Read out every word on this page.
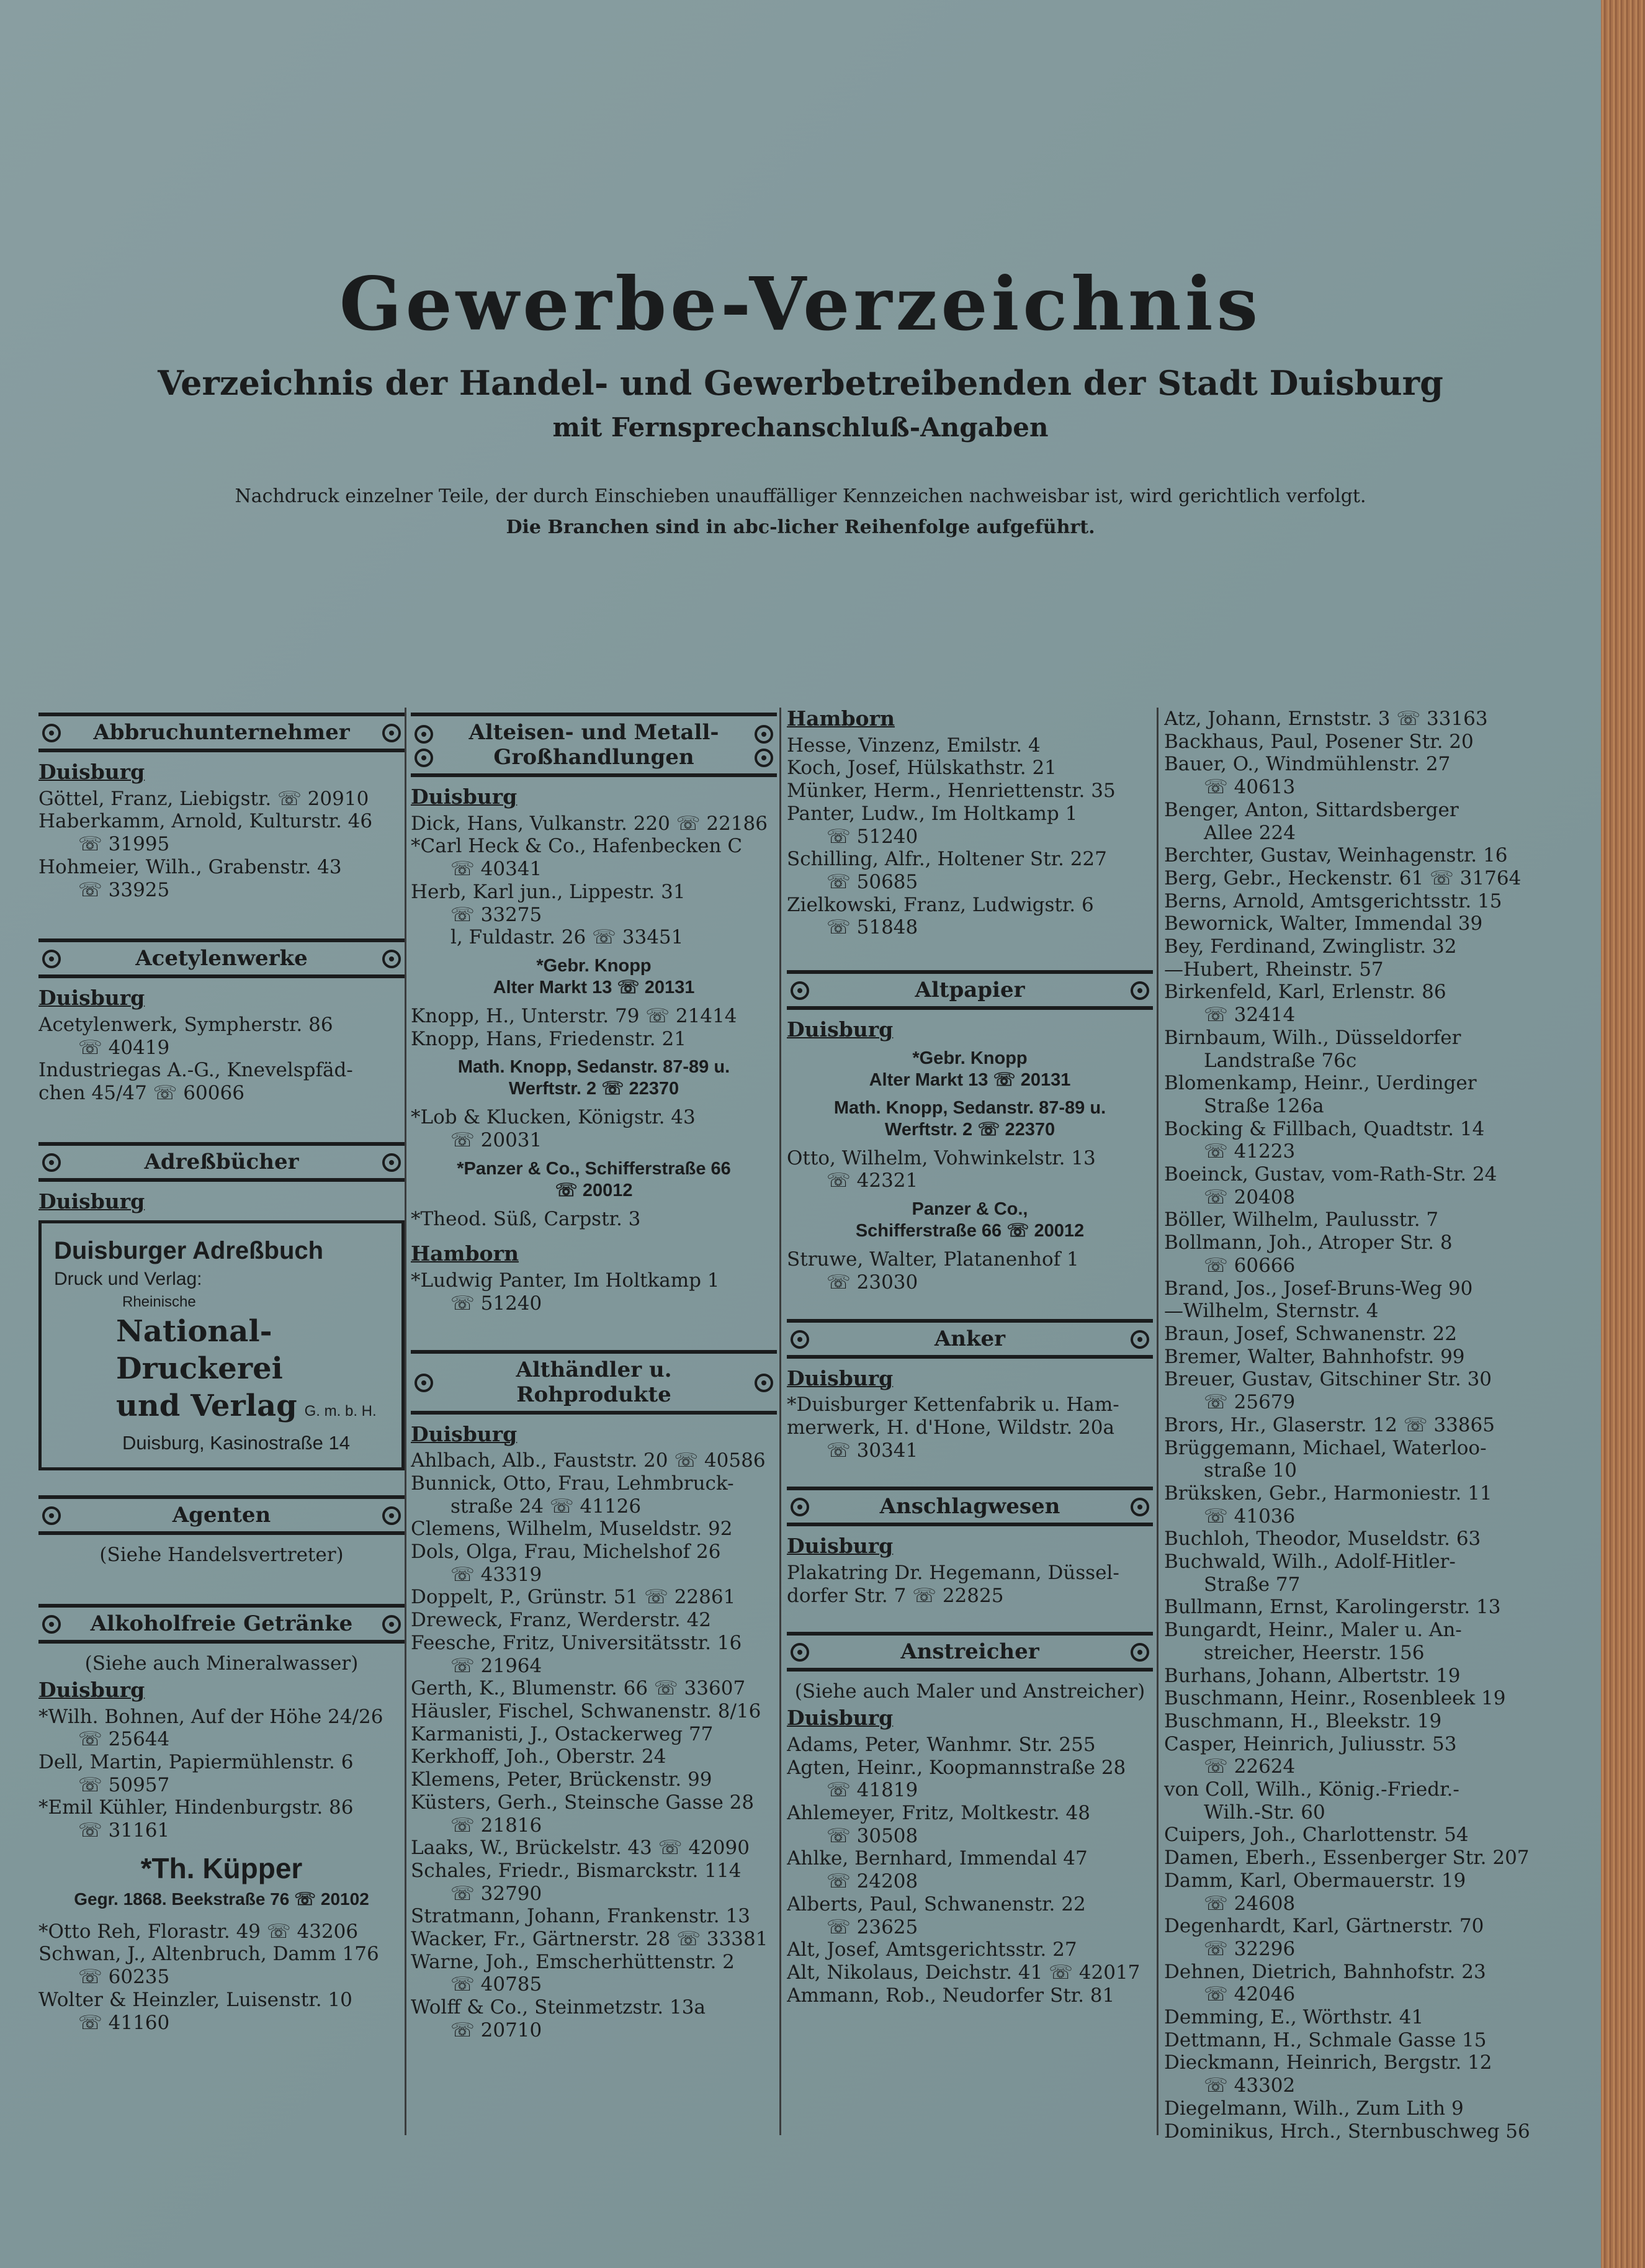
Gewerbe-Verzeichnis
Verzeichnis der Handel- und Gewerbetreibenden der Stadt Duisburg
mit Fernsprechanschluß-Angaben
Nachdruck einzelner Teile, der durch Einschieben unauffälliger Kennzeichen nachweisbar ist, wird gerichtlich verfolgt.
Die Branchen sind in abc-licher Reihenfolge aufgeführt.
Abbruchunternehmer
Duisburg
Göttel, Franz, Liebigstr. ☏ 20910
Haberkamm, Arnold, Kulturstr. 46
☏ 31995
Hohmeier, Wilh., Grabenstr. 43
☏ 33925
Acetylenwerke
Duisburg
Acetylenwerk, Sympherstr. 86
☏ 40419
Industriegas A.-G., Knevelspfäd-
chen 45/47 ☏ 60066
Adreßbücher
Duisburg
Duisburger Adreßbuch
Druck und Verlag:
Rheinische
National-Druckerei
und Verlag G. m. b. H.
Duisburg, Kasinostraße 14
Agenten
(Siehe Handelsvertreter)
Alkoholfreie Getränke
(Siehe auch Mineralwasser)
Duisburg
*Wilh. Bohnen, Auf der Höhe 24/26
☏ 25644
Dell, Martin, Papiermühlenstr. 6
☏ 50957
*Emil Kühler, Hindenburgstr. 86
☏ 31161
*Th. Küpper
Gegr. 1868. Beekstraße 76 ☏ 20102
*Otto Reh, Florastr. 49 ☏ 43206
Schwan, J., Altenbruch, Damm 176
☏ 60235
Wolter & Heinzler, Luisenstr. 10
☏ 41160
Alteisen- und Metall-
Großhandlungen
Duisburg
Dick, Hans, Vulkanstr. 220 ☏ 22186
*Carl Heck & Co., Hafenbecken C
☏ 40341
Herb, Karl jun., Lippestr. 31
☏ 33275
l, Fuldastr. 26 ☏ 33451
*Gebr. Knopp
Alter Markt 13 ☏ 20131
Knopp, H., Unterstr. 79 ☏ 21414
Knopp, Hans, Friedenstr. 21
Math. Knopp, Sedanstr. 87-89 u.
Werftstr. 2 ☏ 22370
*Lob & Klucken, Königstr. 43
☏ 20031
*Panzer & Co., Schifferstraße 66
☏ 20012
*Theod. Süß, Carpstr. 3
Hamborn
*Ludwig Panter, Im Holtkamp 1
☏ 51240
Althändler u. Rohprodukte
Duisburg
Ahlbach, Alb., Fauststr. 20 ☏ 40586
Bunnick, Otto, Frau, Lehmbruck-
straße 24 ☏ 41126
Clemens, Wilhelm, Museldstr. 92
Dols, Olga, Frau, Michelshof 26
☏ 43319
Doppelt, P., Grünstr. 51 ☏ 22861
Dreweck, Franz, Werderstr. 42
Feesche, Fritz, Universitätsstr. 16
☏ 21964
Gerth, K., Blumenstr. 66 ☏ 33607
Häusler, Fischel, Schwanenstr. 8/16
Karmanisti, J., Ostackerweg 77
Kerkhoff, Joh., Oberstr. 24
Klemens, Peter, Brückenstr. 99
Küsters, Gerh., Steinsche Gasse 28
☏ 21816
Laaks, W., Brückelstr. 43 ☏ 42090
Schales, Friedr., Bismarckstr. 114
☏ 32790
Stratmann, Johann, Frankenstr. 13
Wacker, Fr., Gärtnerstr. 28 ☏ 33381
Warne, Joh., Emscherhüttenstr. 2
☏ 40785
Wolff & Co., Steinmetzstr. 13a
☏ 20710
Hamborn
Hesse, Vinzenz, Emilstr. 4
Koch, Josef, Hülskathstr. 21
Münker, Herm., Henriettenstr. 35
Panter, Ludw., Im Holtkamp 1
☏ 51240
Schilling, Alfr., Holtener Str. 227
☏ 50685
Zielkowski, Franz, Ludwigstr. 6
☏ 51848
Altpapier
Duisburg
*Gebr. Knopp
Alter Markt 13 ☏ 20131
Math. Knopp, Sedanstr. 87-89 u.
Werftstr. 2 ☏ 22370
Otto, Wilhelm, Vohwinkelstr. 13
☏ 42321
Panzer & Co.,
Schifferstraße 66 ☏ 20012
Struwe, Walter, Platanenhof 1
☏ 23030
Anker
Duisburg
*Duisburger Kettenfabrik u. Ham-
merwerk, H. d'Hone, Wildstr. 20a
☏ 30341
Anschlagwesen
Duisburg
Plakatring Dr. Hegemann, Düssel-
dorfer Str. 7 ☏ 22825
Anstreicher
(Siehe auch Maler und Anstreicher)
Duisburg
Adams, Peter, Wanhmr. Str. 255
Agten, Heinr., Koopmannstraße 28
☏ 41819
Ahlemeyer, Fritz, Moltkestr. 48
☏ 30508
Ahlke, Bernhard, Immendal 47
☏ 24208
Alberts, Paul, Schwanenstr. 22
☏ 23625
Alt, Josef, Amtsgerichtsstr. 27
Alt, Nikolaus, Deichstr. 41 ☏ 42017
Ammann, Rob., Neudorfer Str. 81
Atz, Johann, Ernststr. 3 ☏ 33163
Backhaus, Paul, Posener Str. 20
Bauer, O., Windmühlenstr. 27
☏ 40613
Benger, Anton, Sittardsberger
Allee 224
Berchter, Gustav, Weinhagenstr. 16
Berg, Gebr., Heckenstr. 61 ☏ 31764
Berns, Arnold, Amtsgerichtsstr. 15
Bewornick, Walter, Immendal 39
Bey, Ferdinand, Zwinglistr. 32
—Hubert, Rheinstr. 57
Birkenfeld, Karl, Erlenstr. 86
☏ 32414
Birnbaum, Wilh., Düsseldorfer
Landstraße 76c
Blomenkamp, Heinr., Uerdinger
Straße 126a
Bocking & Fillbach, Quadtstr. 14
☏ 41223
Boeinck, Gustav, vom-Rath-Str. 24
☏ 20408
Böller, Wilhelm, Paulusstr. 7
Bollmann, Joh., Atroper Str. 8
☏ 60666
Brand, Jos., Josef-Bruns-Weg 90
—Wilhelm, Sternstr. 4
Braun, Josef, Schwanenstr. 22
Bremer, Walter, Bahnhofstr. 99
Breuer, Gustav, Gitschiner Str. 30
☏ 25679
Brors, Hr., Glaserstr. 12 ☏ 33865
Brüggemann, Michael, Waterloo-
straße 10
Brüksken, Gebr., Harmoniestr. 11
☏ 41036
Buchloh, Theodor, Museldstr. 63
Buchwald, Wilh., Adolf-Hitler-
Straße 77
Bullmann, Ernst, Karolingerstr. 13
Bungardt, Heinr., Maler u. An-
streicher, Heerstr. 156
Burhans, Johann, Albertstr. 19
Buschmann, Heinr., Rosenbleek 19
Buschmann, H., Bleekstr. 19
Casper, Heinrich, Juliusstr. 53
☏ 22624
von Coll, Wilh., König.-Friedr.-
Wilh.-Str. 60
Cuipers, Joh., Charlottenstr. 54
Damen, Eberh., Essenberger Str. 207
Damm, Karl, Obermauerstr. 19
☏ 24608
Degenhardt, Karl, Gärtnerstr. 70
☏ 32296
Dehnen, Dietrich, Bahnhofstr. 23
☏ 42046
Demming, E., Wörthstr. 41
Dettmann, H., Schmale Gasse 15
Dieckmann, Heinrich, Bergstr. 12
☏ 43302
Diegelmann, Wilh., Zum Lith 9
Dominikus, Hrch., Sternbuschweg 56
